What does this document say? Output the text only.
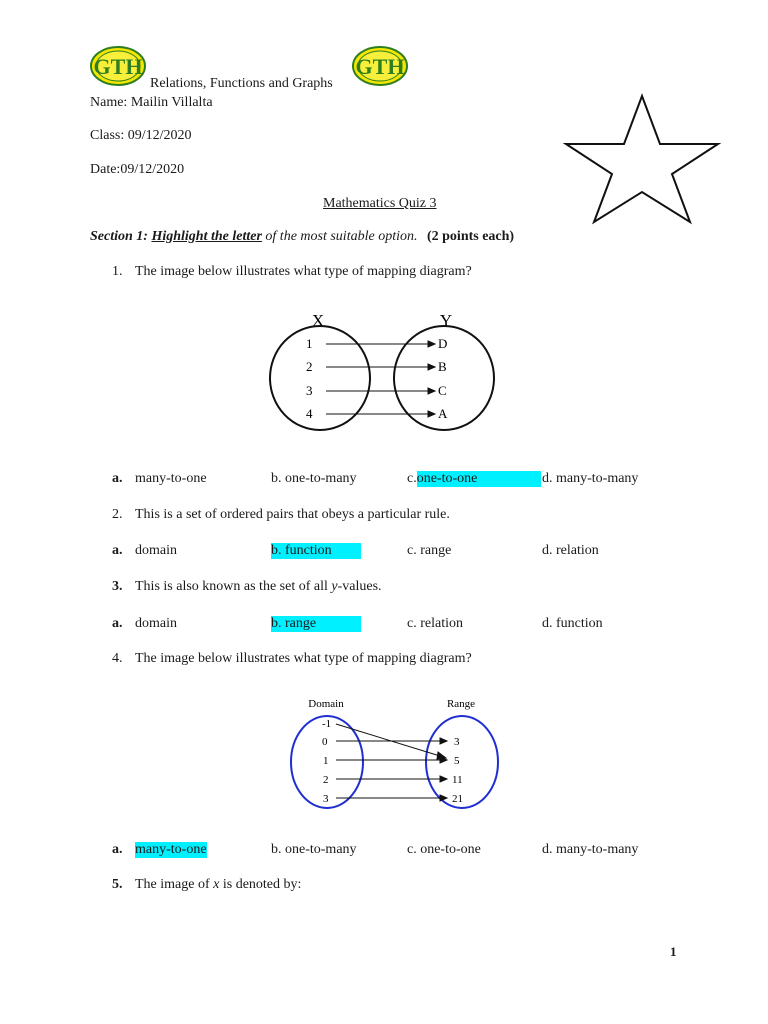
GTH	GTH
Relations, Functions and Graphs
Name: Mailin Villalta
Class: 09/12/2020
Date:09/12/2020
Mathematics Quiz 3
Section 1: Highlight the letter of the most suitable option. (2 points each)
1. The image below illustrates what type of mapping diagram?
X	Y
1
2
3
4
D
B
C
A
a. many-to-one	b. one-to-many	c.one-to-one	d. many-to-many
2. This is a set of ordered pairs that obeys a particular rule.
a. domain	b. function	c. range	d. relation
3. This is also known as the set of all y-values.
a. domain	b. range	c. relation	d. function
4. The image below illustrates what type of mapping diagram?
Domain	Range
-1
0
1
2
3
3
5
11
21
a. many-to-one	b. one-to-many	c. one-to-one	d. many-to-many
5. The image of x is denoted by:
1
